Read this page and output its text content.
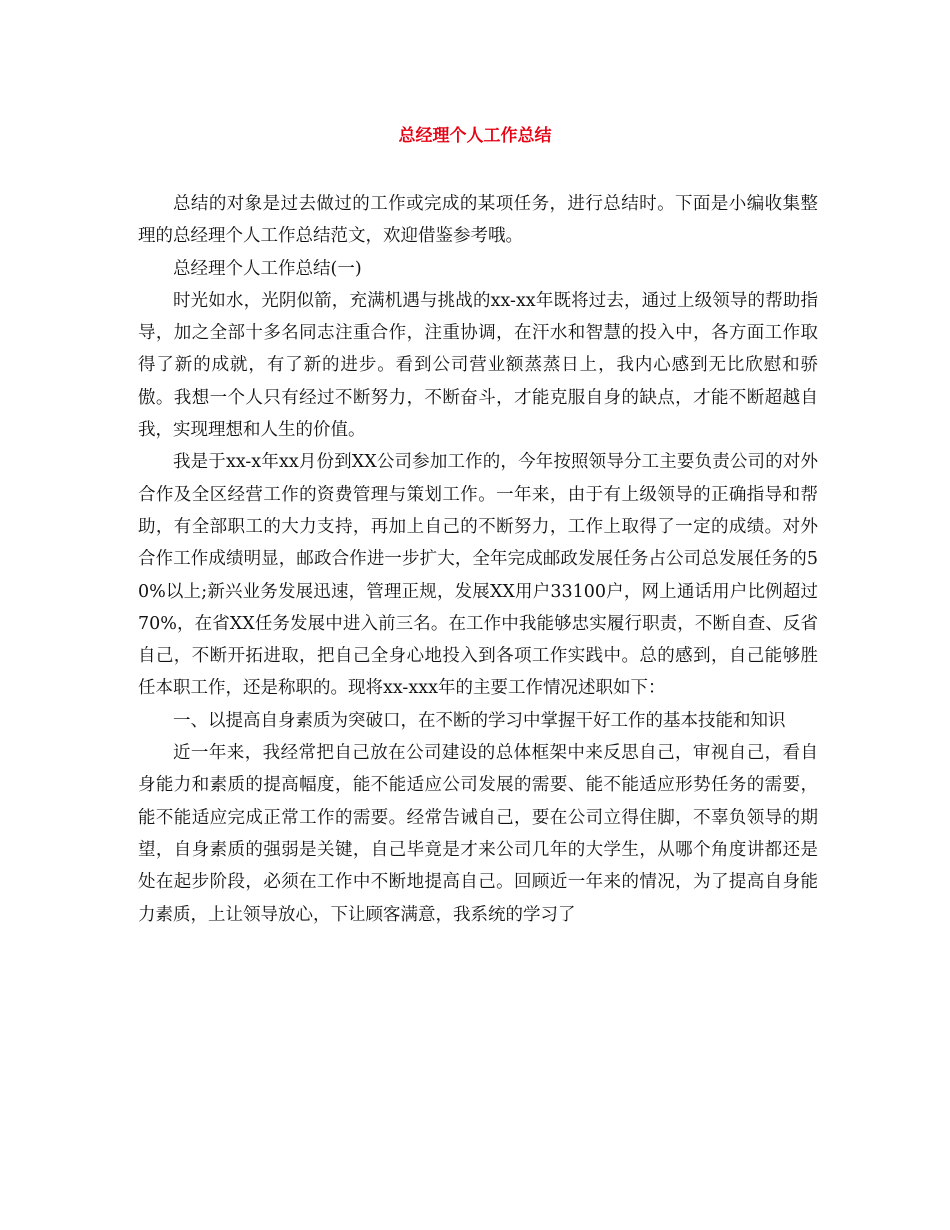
总经理个人工作总结

总结的对象是过去做过的工作或完成的某项任务，进行总结时。下面是小编收集整理的总经理个人工作总结范文，欢迎借鉴参考哦。

总经理个人工作总结(一)

时光如水，光阴似箭，充满机遇与挑战的xx-xx年既将过去，通过上级领导的帮助指导，加之全部十多名同志注重合作，注重协调，在汗水和智慧的投入中，各方面工作取得了新的成就，有了新的进步。看到公司营业额蒸蒸日上，我内心感到无比欣慰和骄傲。我想一个人只有经过不断努力，不断奋斗，才能克服自身的缺点，才能不断超越自我，实现理想和人生的价值。

我是于xx-x年xx月份到XX公司参加工作的，今年按照领导分工主要负责公司的对外合作及全区经营工作的资费管理与策划工作。一年来，由于有上级领导的正确指导和帮助，有全部职工的大力支持，再加上自己的不断努力，工作上取得了一定的成绩。对外合作工作成绩明显，邮政合作进一步扩大，全年完成邮政发展任务占公司总发展任务的50%以上;新兴业务发展迅速，管理正规，发展XX用户33100户，网上通话用户比例超过70%，在省XX任务发展中进入前三名。在工作中我能够忠实履行职责，不断自查、反省自己，不断开拓进取，把自己全身心地投入到各项工作实践中。总的感到，自己能够胜任本职工作，还是称职的。现将xx-xxx年的主要工作情况述职如下：

一、以提高自身素质为突破口，在不断的学习中掌握干好工作的基本技能和知识

近一年来，我经常把自己放在公司建设的总体框架中来反思自己，审视自己，看自身能力和素质的提高幅度，能不能适应公司发展的需要、能不能适应形势任务的需要，能不能适应完成正常工作的需要。经常告诫自己，要在公司立得住脚，不辜负领导的期望，自身素质的强弱是关键，自己毕竟是才来公司几年的大学生，从哪个角度讲都还是处在起步阶段，必须在工作中不断地提高自己。回顾近一年来的情况，为了提高自身能力素质，上让领导放心，下让顾客满意，我系统的学习了
